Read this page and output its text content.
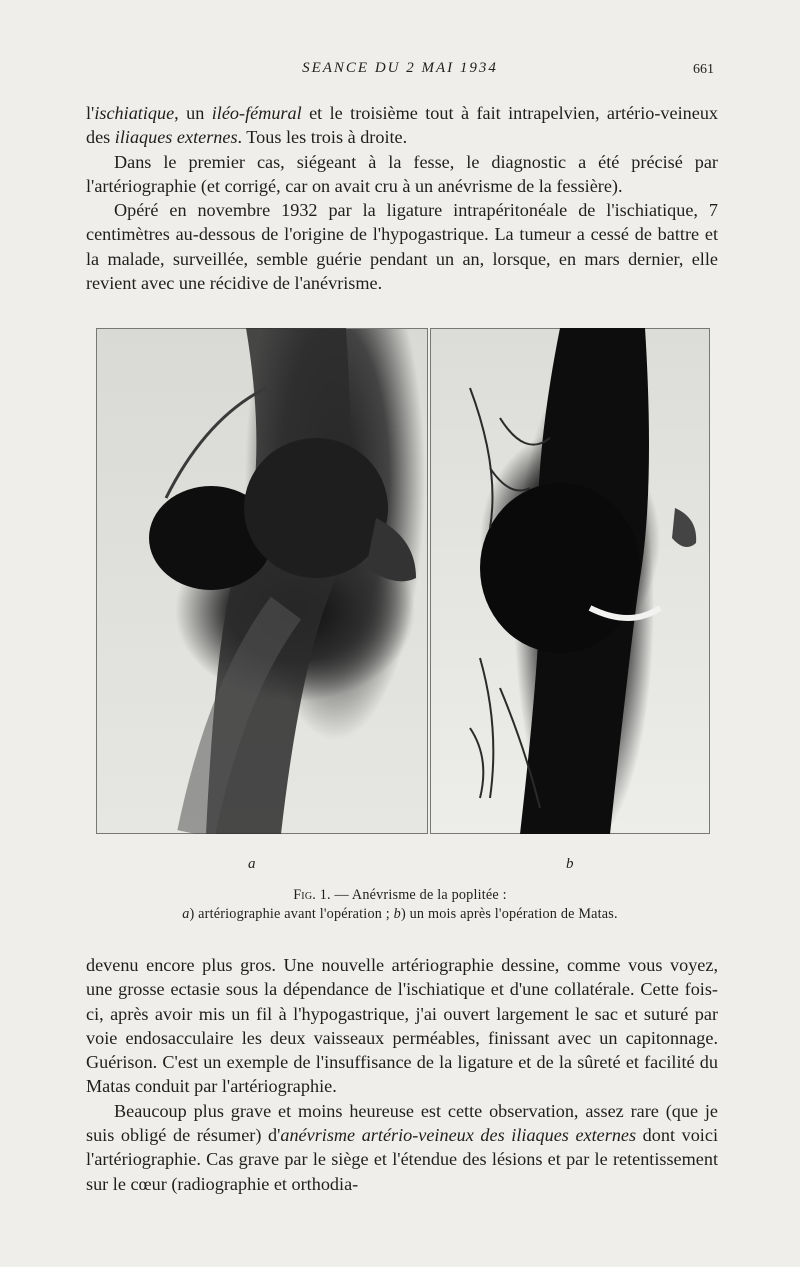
SEANCE DU 2 MAI 1934	661

l'ischiatique, un iléo-fémural et le troisième tout à fait intrapelvien, artério-veineux des iliaques externes. Tous les trois à droite.

Dans le premier cas, siégeant à la fesse, le diagnostic a été précisé par l'artériographie (et corrigé, car on avait cru à un anévrisme de la fessière).

Opéré en novembre 1932 par la ligature intrapéritonéale de l'ischiatique, 7 centimètres au-dessous de l'origine de l'hypogastrique. La tumeur a cessé de battre et la malade, surveillée, semble guérie pendant un an, lorsque, en mars dernier, elle revient avec une récidive de l'anévrisme.

a	b
Fig. 1. — Anévrisme de la poplitée :
a) artériographie avant l'opération ; b) un mois après l'opération de Matas.

devenu encore plus gros. Une nouvelle artériographie dessine, comme vous voyez, une grosse ectasie sous la dépendance de l'ischiatique et d'une collatérale. Cette fois-ci, après avoir mis un fil à l'hypogastrique, j'ai ouvert largement le sac et suturé par voie endosacculaire les deux vaisseaux perméables, finissant avec un capitonnage. Guérison. C'est un exemple de l'insuffisance de la ligature et de la sûreté et facilité du Matas conduit par l'artériographie.

Beaucoup plus grave et moins heureuse est cette observation, assez rare (que je suis obligé de résumer) d'anévrisme artério-veineux des iliaques externes dont voici l'artériographie. Cas grave par le siège et l'étendue des lésions et par le retentissement sur le cœur (radiographie et orthodia-
